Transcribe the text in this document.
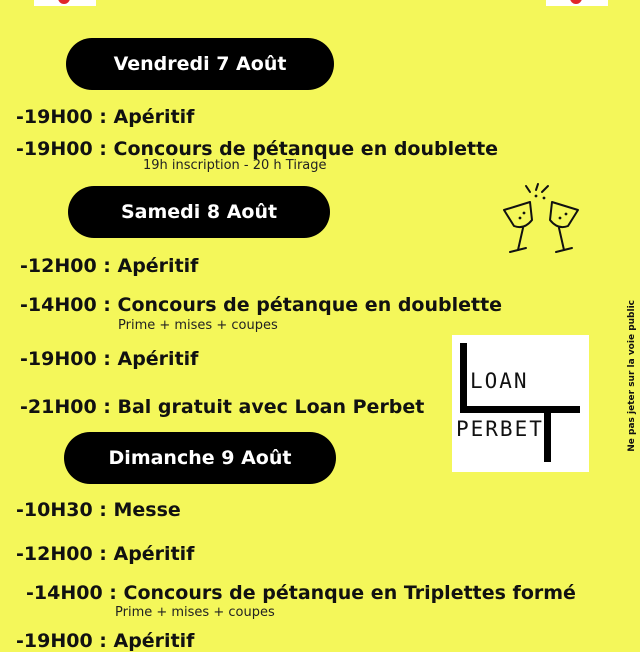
Vendredi 7 Août
-19H00 : Apéritif
-19H00 : Concours de pétanque en doublette
19h inscription - 20 h Tirage
Samedi 8 Août
-12H00 : Apéritif
-14H00 : Concours de pétanque en doublette
Prime + mises + coupes
-19H00 : Apéritif
-21H00 : Bal gratuit avec Loan Perbet
Dimanche 9 Août
-10H30 : Messe
-12H00 : Apéritif
-14H00 : Concours de pétanque en Triplettes formé
Prime + mises + coupes
-19H00 : Apéritif
LOAN
PERBET	Ne pas jeter sur la voie public
